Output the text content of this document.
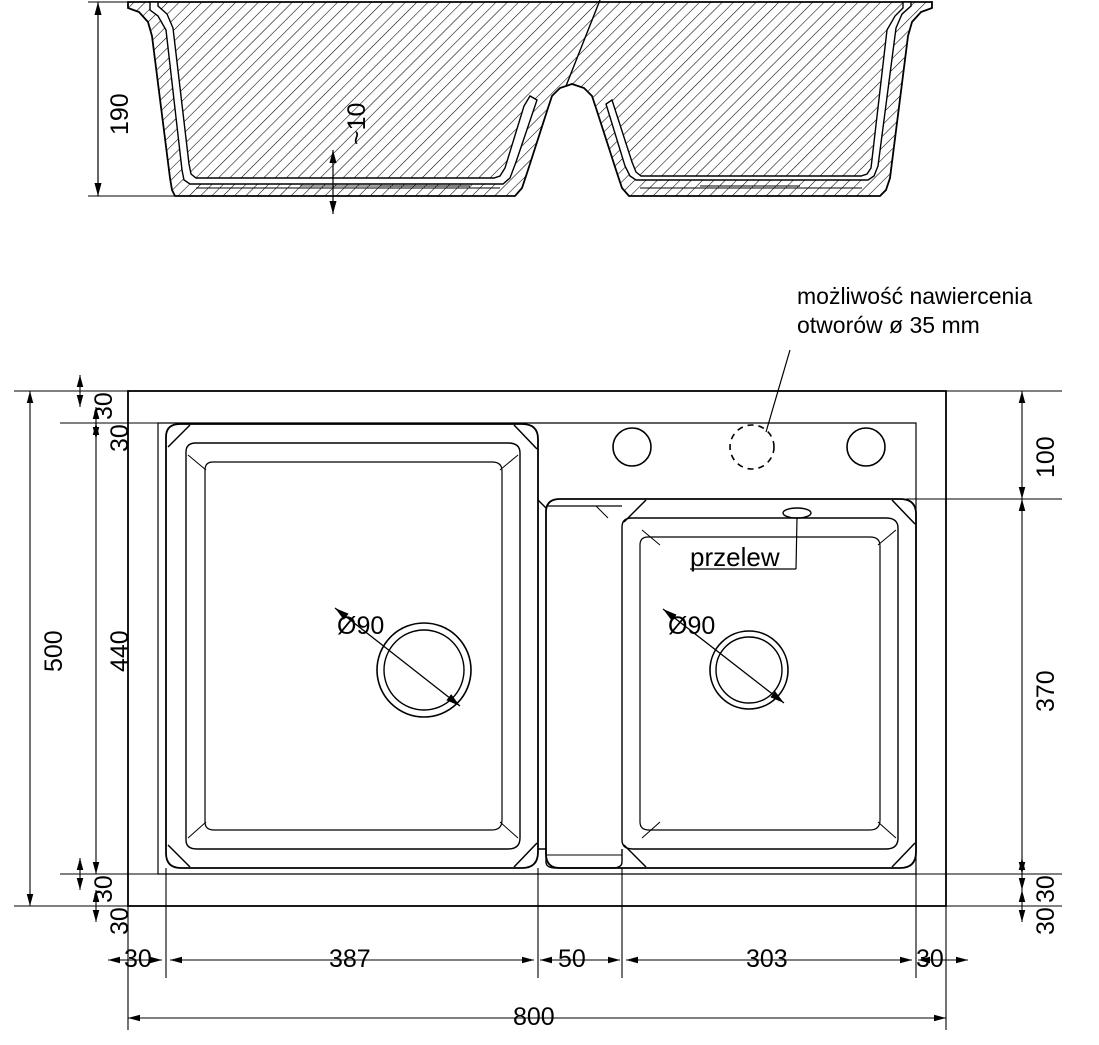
190	~10
możliwość nawiercenia
otworów ø 35 mm
przelew
500 440
30
30
30
30
100
370
30
30
Ø90	Ø90
30	387	50	303	30
800
